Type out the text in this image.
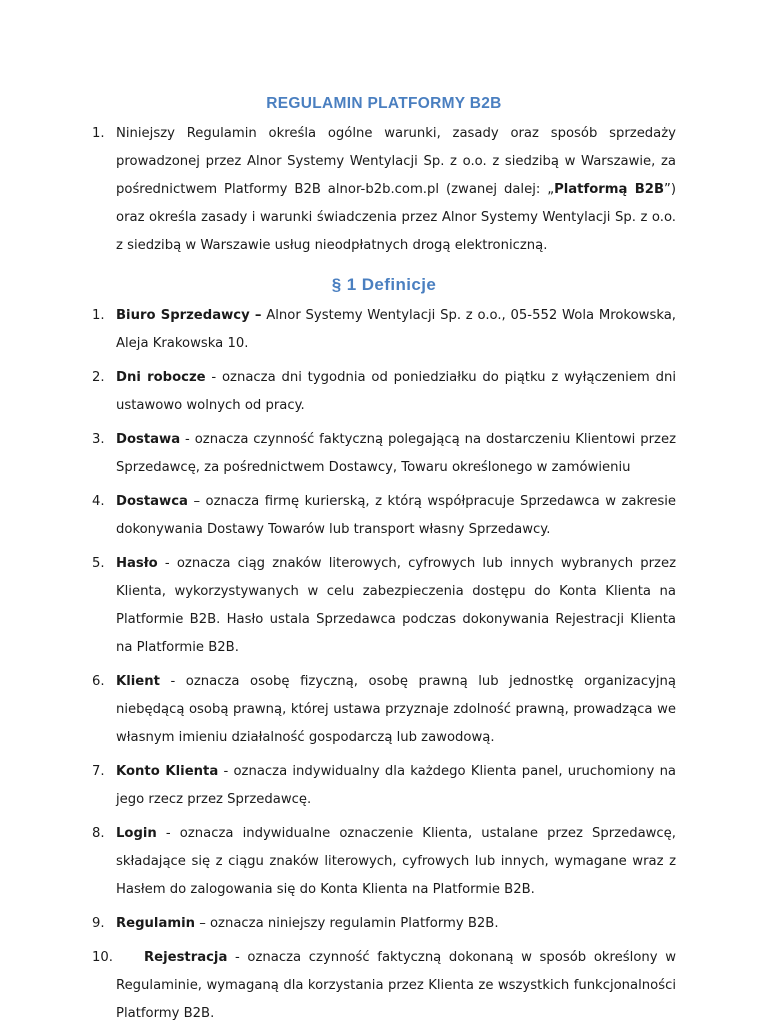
REGULAMIN PLATFORMY B2B
1. Niniejszy Regulamin określa ogólne warunki, zasady oraz sposób sprzedaży prowadzonej przez Alnor Systemy Wentylacji Sp. z o.o. z siedzibą w Warszawie, za pośrednictwem Platformy B2B alnor-b2b.com.pl (zwanej dalej: „Platformą B2B”) oraz określa zasady i warunki świadczenia przez Alnor Systemy Wentylacji Sp. z o.o. z siedzibą w Warszawie usług nieodpłatnych drogą elektroniczną.
§ 1 Definicje
1. Biuro Sprzedawcy – Alnor Systemy Wentylacji Sp. z o.o., 05-552 Wola Mrokowska, Aleja Krakowska 10.
2. Dni robocze - oznacza dni tygodnia od poniedziałku do piątku z wyłączeniem dni ustawowo wolnych od pracy.
3. Dostawa - oznacza czynność faktyczną polegającą na dostarczeniu Klientowi przez Sprzedawcę, za pośrednictwem Dostawcy, Towaru określonego w zamówieniu
4. Dostawca – oznacza firmę kurierską, z którą współpracuje Sprzedawca w zakresie dokonywania Dostawy Towarów lub transport własny Sprzedawcy.
5. Hasło - oznacza ciąg znaków literowych, cyfrowych lub innych wybranych przez Klienta, wykorzystywanych w celu zabezpieczenia dostępu do Konta Klienta na Platformie B2B. Hasło ustala Sprzedawca podczas dokonywania Rejestracji Klienta na Platformie B2B.
6. Klient - oznacza osobę fizyczną, osobę prawną lub jednostkę organizacyjną niebędącą osobą prawną, której ustawa przyznaje zdolność prawną, prowadząca we własnym imieniu działalność gospodarczą lub zawodową.
7. Konto Klienta - oznacza indywidualny dla każdego Klienta panel, uruchomiony na jego rzecz przez Sprzedawcę.
8. Login - oznacza indywidualne oznaczenie Klienta, ustalane przez Sprzedawcę, składające się z ciągu znaków literowych, cyfrowych lub innych, wymagane wraz z Hasłem do zalogowania się do Konta Klienta na Platformie B2B.
9. Regulamin – oznacza niniejszy regulamin Platformy B2B.
10. Rejestracja - oznacza czynność faktyczną dokonaną w sposób określony w Regulaminie, wymaganą dla korzystania przez Klienta ze wszystkich funkcjonalności Platformy B2B.
